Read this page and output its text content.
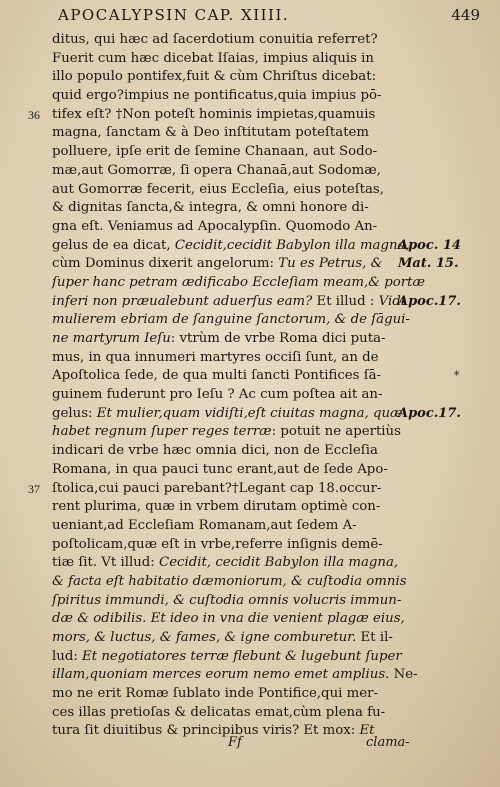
APOCALYPSIN CAP. XIIII.	449
ditus, qui hæc ad ſacerdotium conuitia referret?
Fuerit cum hæc dicebat Iſaias, impius aliquis in
illo populo pontifex,fuit & cùm Chriſtus dicebat:
quid ergo?impius ne pontificatus,quia impius pō-
tifex eſt? †Non poteſt hominis impietas,quamuis
36
magna, ſanctam & à Deo inſtitutam poteſtatem
polluere, ipſe erit de ſemine Chanaan, aut Sodo-
mæ,aut Gomorræ, ſi opera Chanaā,aut Sodomæ,
aut Gomorræ fecerit, eius Eccleſia, eius poteſtas,
& dignitas ſancta,& integra, & omni honore di-
gna eſt. Veniamus ad Apocalypſin. Quomodo An-
gelus de ea dicat, Cecidit,cecidit Babylon illa magna,
Apoc. 14
cùm Dominus dixerit angelorum: Tu es Petrus, & Mat. 15.
ſuper hanc petram ædificabo Eccleſiam meam,& portæ
inferi non præualebunt aduerſus eam? Et illud : Vidi
Apoc.17.
mulierem ebriam de ſanguine ſanctorum, & de ſāgui-
ne martyrum Ieſu: vtrùm de vrbe Roma dici puta-
mus, in qua innumeri martyres occiſi ſunt, an de
Apoſtolica ſede, de qua multi ſancti Pontifices ſā-	*
guinem fuderunt pro Ieſu ? Ac cum poſtea ait an-
gelus: Et mulier,quam vidiſti,eſt ciuitas magna, quæ
Apoc.17.
habet regnum ſuper reges terræ: potuit ne apertiùs
indicari de vrbe hæc omnia dici, non de Eccleſia
Romana, in qua pauci tunc erant,aut de ſede Apo-
ſtolica,cui pauci parebant?†Legant cap 18.occur-
37
rent plurima, quæ in vrbem dirutam optimè con-
ueniant,ad Eccleſiam Romanam,aut ſedem A-
poſtolicam,quæ eſt in vrbe,referre inſignis demē-
tiæ ſit. Vt illud: Cecidit, cecidit Babylon illa magna,
& facta eſt habitatio dæmoniorum, & cuſtodia omnis
ſpiritus immundi, & cuſtodia omnis volucris immun-
dæ & odibilis. Et ideo in vna die venient plagæ eius,
mors, & luctus, & fames, & igne comburetur. Et il-
lud: Et negotiatores terræ flebunt & lugebunt ſuper
illam,quoniam merces eorum nemo emet amplius. Ne-
mo ne erit Romæ ſublato inde Pontifice,qui mer-
ces illas pretioſas & delicatas emat,cùm plena fu-
tura ſit diuitibus & principibus viris? Et mox: Et
Ff	clama-
